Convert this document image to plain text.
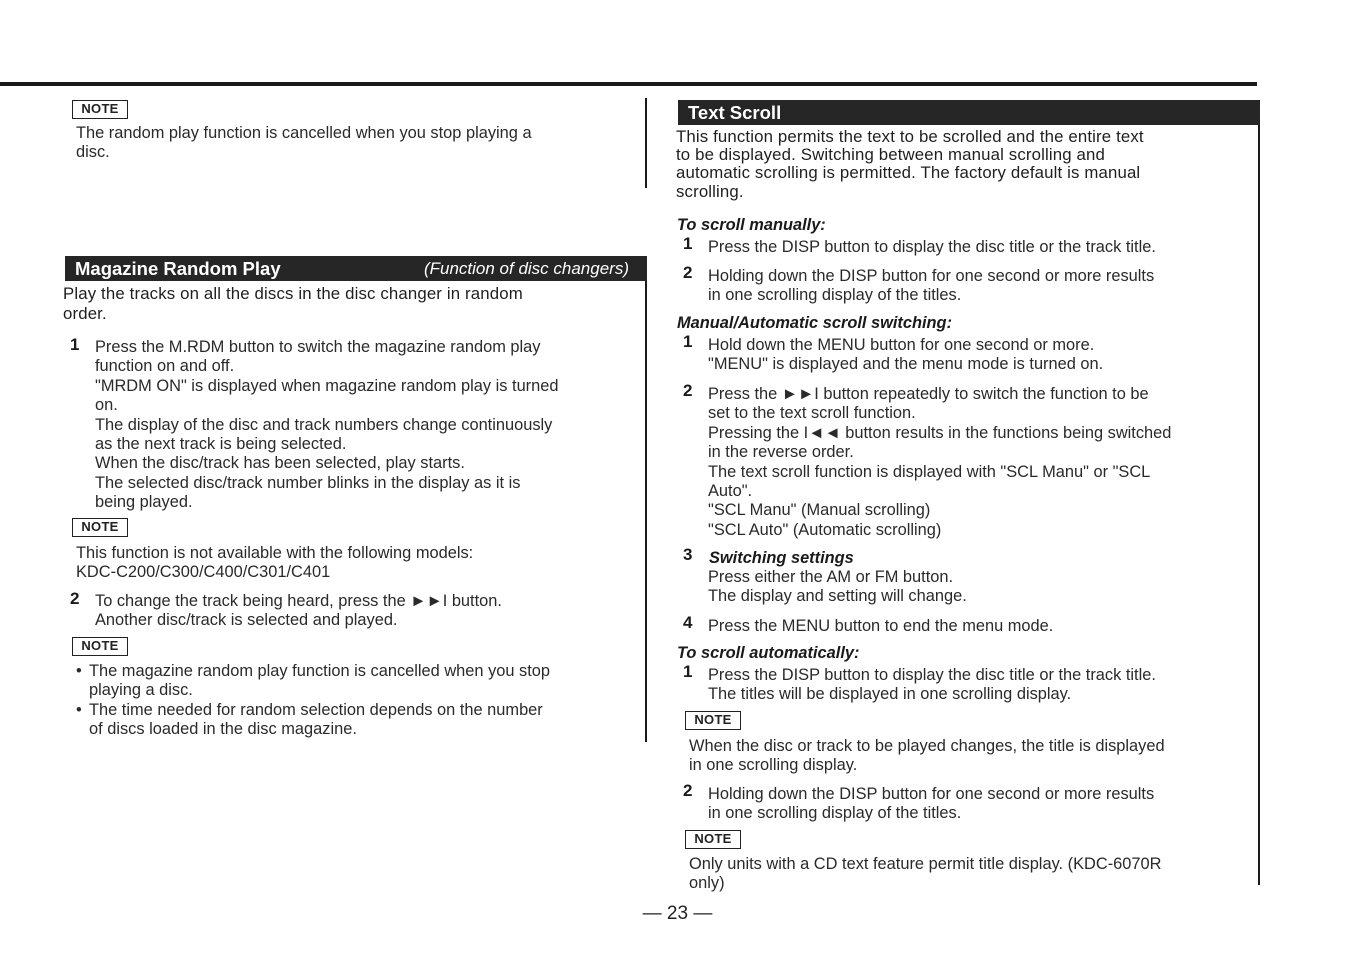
NOTE
The random play function is cancelled when you stop playing a
disc.
Magazine Random Play	(Function of disc changers)
Play the tracks on all the discs in the disc changer in random
order.
1 Press the M.RDM button to switch the magazine random play
function on and off.
"MRDM ON" is displayed when magazine random play is turned
on.
The display of the disc and track numbers change continuously
as the next track is being selected.
When the disc/track has been selected, play starts.
The selected disc/track number blinks in the display as it is
being played.
NOTE
This function is not available with the following models:
KDC-C200/C300/C400/C301/C401
2 To change the track being heard, press the ►►I button.
Another disc/track is selected and played.
NOTE
• The magazine random play function is cancelled when you stop
playing a disc.
• The time needed for random selection depends on the number
of discs loaded in the disc magazine.
Text Scroll
This function permits the text to be scrolled and the entire text
to be displayed. Switching between manual scrolling and
automatic scrolling is permitted. The factory default is manual
scrolling.
To scroll manually:
1 Press the DISP button to display the disc title or the track title.
2 Holding down the DISP button for one second or more results
in one scrolling display of the titles.
Manual/Automatic scroll switching:
1 Hold down the MENU button for one second or more.
"MENU" is displayed and the menu mode is turned on.
2 Press the ►►I button repeatedly to switch the function to be
set to the text scroll function.
Pressing the I◄◄ button results in the functions being switched
in the reverse order.
The text scroll function is displayed with "SCL Manu" or "SCL
Auto".
"SCL Manu" (Manual scrolling)
"SCL Auto" (Automatic scrolling)
3 Switching settings
Press either the AM or FM button.
The display and setting will change.
4 Press the MENU button to end the menu mode.
To scroll automatically:
1 Press the DISP button to display the disc title or the track title.
The titles will be displayed in one scrolling display.
NOTE
When the disc or track to be played changes, the title is displayed
in one scrolling display.
2 Holding down the DISP button for one second or more results
in one scrolling display of the titles.
NOTE
Only units with a CD text feature permit title display. (KDC-6070R
only)
— 23 —
